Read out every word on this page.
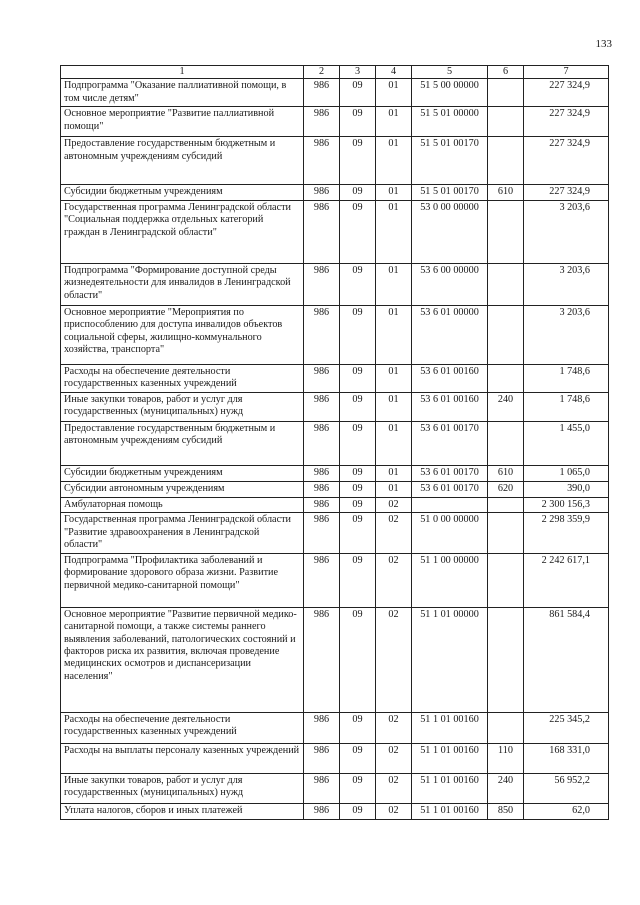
133
1	2	3	4	5	6	7
Подпрограмма "Оказание паллиативной помощи, в том числе детям"	986	09	01	51 5 00 00000		227 324,9
Основное мероприятие "Развитие паллиативной помощи"	986	09	01	51 5 01 00000		227 324,9
Предоставление государственным бюджетным и автономным учреждениям субсидий	986	09	01	51 5 01 00170		227 324,9
Субсидии бюджетным учреждениям	986	09	01	51 5 01 00170	610	227 324,9
Государственная программа Ленинградской области "Социальная поддержка отдельных категорий граждан в Ленинградской области"	986	09	01	53 0 00 00000		3 203,6
Подпрограмма "Формирование доступной среды жизнедеятельности для инвалидов в Ленинградской области"	986	09	01	53 6 00 00000		3 203,6
Основное мероприятие "Мероприятия по приспособлению для доступа инвалидов объектов социальной сферы, жилищно-коммунального хозяйства, транспорта"	986	09	01	53 6 01 00000		3 203,6
Расходы на обеспечение деятельности государственных казенных учреждений	986	09	01	53 6 01 00160		1 748,6
Иные закупки товаров, работ и услуг для государственных (муниципальных) нужд	986	09	01	53 6 01 00160	240	1 748,6
Предоставление государственным бюджетным и автономным учреждениям субсидий	986	09	01	53 6 01 00170		1 455,0
Субсидии бюджетным учреждениям	986	09	01	53 6 01 00170	610	1 065,0
Субсидии автономным учреждениям	986	09	01	53 6 01 00170	620	390,0
Амбулаторная помощь	986	09	02			2 300 156,3
Государственная программа Ленинградской области "Развитие здравоохранения в Ленинградской области"	986	09	02	51 0 00 00000		2 298 359,9
Подпрограмма "Профилактика заболеваний и формирование здорового образа жизни. Развитие первичной медико-санитарной помощи"	986	09	02	51 1 00 00000		2 242 617,1
Основное мероприятие "Развитие первичной медико-санитарной помощи, а также системы раннего выявления заболеваний, патологических состояний и факторов риска их развития, включая проведение медицинских осмотров и диспансеризации населения"	986	09	02	51 1 01 00000		861 584,4
Расходы на обеспечение деятельности государственных казенных учреждений	986	09	02	51 1 01 00160		225 345,2
Расходы на выплаты персоналу казенных учреждений	986	09	02	51 1 01 00160	110	168 331,0
Иные закупки товаров, работ и услуг для государственных (муниципальных) нужд	986	09	02	51 1 01 00160	240	56 952,2
Уплата налогов, сборов и иных платежей	986	09	02	51 1 01 00160	850	62,0
